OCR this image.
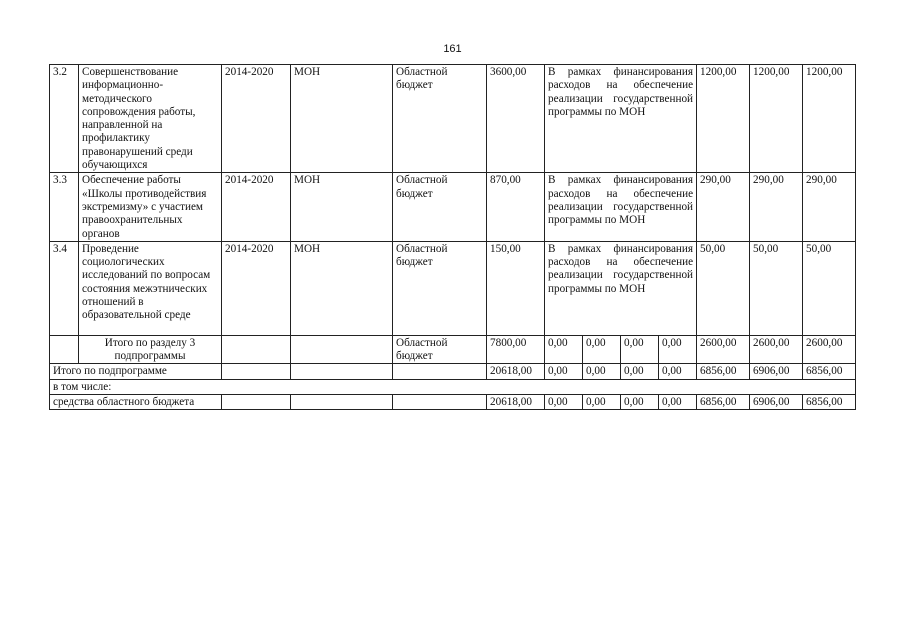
161
3.2	Совершенствование информационно-методического сопровождения работы, направленной на профилактику правонарушений среди обучающихся	2014-2020	МОН	Областной бюджет	3600,00	В рамках финансирования расходов на обеспечение реализации государственной программы по МОН				1200,00	1200,00	1200,00
3.3	Обеспечение работы «Школы противодействия экстремизму» с участием правоохранительных органов	2014-2020	МОН	Областной бюджет	870,00	В рамках финансирования расходов на обеспечение реализации государственной программы по МОН				290,00	290,00	290,00
3.4	Проведение социологических исследований по вопросам состояния межэтнических отношений в образовательной среде	2014-2020	МОН	Областной бюджет	150,00	В рамках финансирования расходов на обеспечение реализации государственной программы по МОН				50,00	50,00	50,00
	Итого по разделу 3 подпрограммы			Областной бюджет	7800,00	0,00	0,00	0,00	0,00	2600,00	2600,00	2600,00
Итого по подпрограмме					20618,00	0,00	0,00	0,00	0,00	6856,00	6906,00	6856,00
в том числе:												
средства областного бюджета					20618,00	0,00	0,00	0,00	0,00	6856,00	6906,00	6856,00
